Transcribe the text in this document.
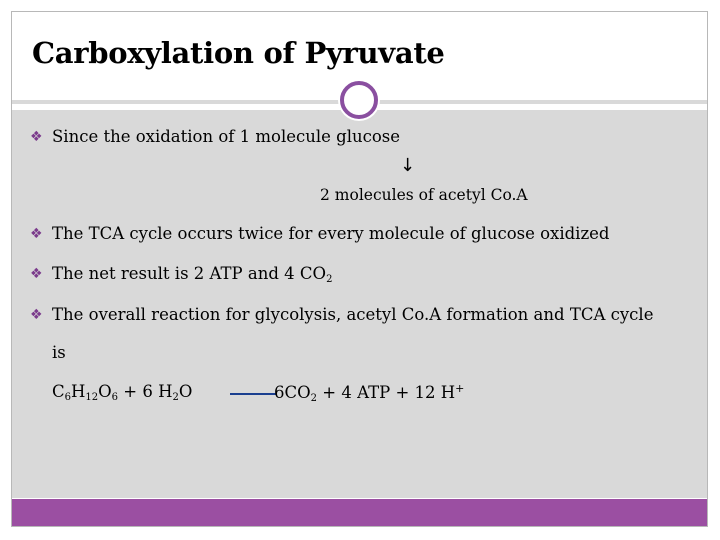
Carboxylation of Pyruvate
❖ Since the oxidation of 1 molecule glucose
↓
2 molecules of acetyl Co.A
❖ The TCA cycle occurs twice for every molecule of glucose oxidized
❖ The net result is 2 ATP and 4 $CO_2$
❖ The overall reaction for glycolysis, acetyl Co.A formation and TCA cycle
is
$C_6H_{12}O_6 + 6$ $H_2O$	$6CO_2 + 4$ ATP + 12 H+
